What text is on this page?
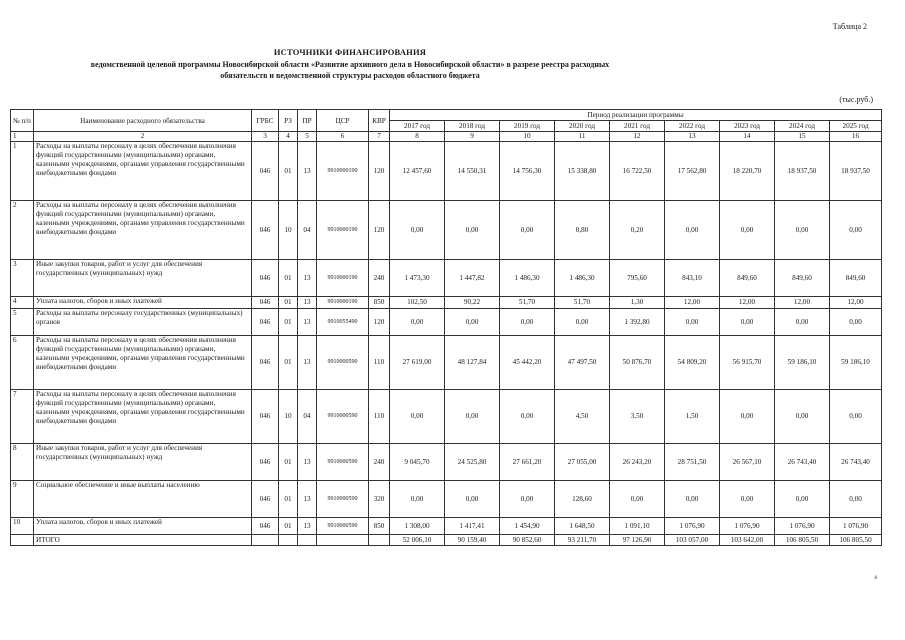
Таблица 2
ИСТОЧНИКИ ФИНАНСИРОВАНИЯ
ведомственной целевой программы Новосибирской области «Развитие архивного дела в Новосибирской области» в разрезе реестра расходных
обязательств и ведомственной структуры расходов областного бюджета
(тыс.руб.)
№ п/п	Наименование расходного обязательства	ГРБС	РЗ	ПР	ЦСР	КВР	Период реализации программы								
							2017 год	2018 год	2019 год	2020 год	2021 год	2022 год	2023 год	2024 год	2025 год
1	2	3	4	5	6	7	8	9	10	11	12	13	14	15	16
1	Расходы на выплаты персоналу в целях обеспечения выполнения функций государственными (муниципальными) органами, казенными учреждениями, органами управления государственными внебюджетными фондами	046	01	13	9910000190	120	12 457,60	14 550,31	14 756,30	15 338,80	16 722,50	17 562,80	18 220,70	18 937,50	18 937,50
2	Расходы на выплаты персоналу в целях обеспечения выполнения функций государственными (муниципальными) органами, казенными учреждениями, органами управления государственными внебюджетными фондами	046	10	04	9910000190	120	0,00	0,00	0,00	0,80	0,20	0,00	0,00	0,00	0,00
3	Иные закупки товаров, работ и услуг для обеспечения государственных (муниципальных) нужд	046	01	13	9910000190	240	1 473,30	1 447,82	1 486,30	1 486,30	795,60	843,10	849,60	849,60	849,60
4	Уплата налогов, сборов и иных платежей	046	01	13	9910000190	850	102,50	90,22	51,70	51,70	1,30	12,00	12,00	12,00	12,00
5	Расходы на выплаты персоналу государственных (муниципальных) органов	046	01	13	9910055490	120	0,00	0,00	0,00	0,00	1 392,80	0,00	0,00	0,00	0,00
6	Расходы на выплаты персоналу в целях обеспечения выполнения функций государственными (муниципальными) органами, казенными учреждениями, органами управления государственными внебюджетными фондами	046	01	13	9910000590	110	27 619,00	48 127,84	45 442,20	47 497,50	50 876,70	54 809,20	56 915,70	59 186,10	59 186,10
7	Расходы на выплаты персоналу в целях обеспечения выполнения функций государственными (муниципальными) органами, казенными учреждениями, органами управления государственными внебюджетными фондами	046	10	04	9910000590	110	0,00	0,00	0,00	4,50	3,50	1,50	0,00	0,00	0,00
8	Иные закупки товаров, работ и услуг для обеспечения государственных (муниципальных) нужд	046	01	13	9910000590	240	9 045,70	24 525,80	27 661,20	27 055,00	26 243,20	28 751,50	26 567,10	26 743,40	26 743,40
9	Социальное обеспечение и иные выплаты населению	046	01	13	9910000590	320	0,00	0,00	0,00	128,60	0,00	0,00	0,00	0,00	0,00
10	Уплата налогов, сборов и иных платежей	046	01	13	9910000590	850	1 308,00	1 417,41	1 454,90	1 648,50	1 091,10	1 076,90	1 076,90	1 076,90	1 076,90
	ИТОГО						52 006,10	90 159,40	90 852,60	93 211,70	97 126,90	103 057,00	103 642,00	106 805,50	106 805,50
8
